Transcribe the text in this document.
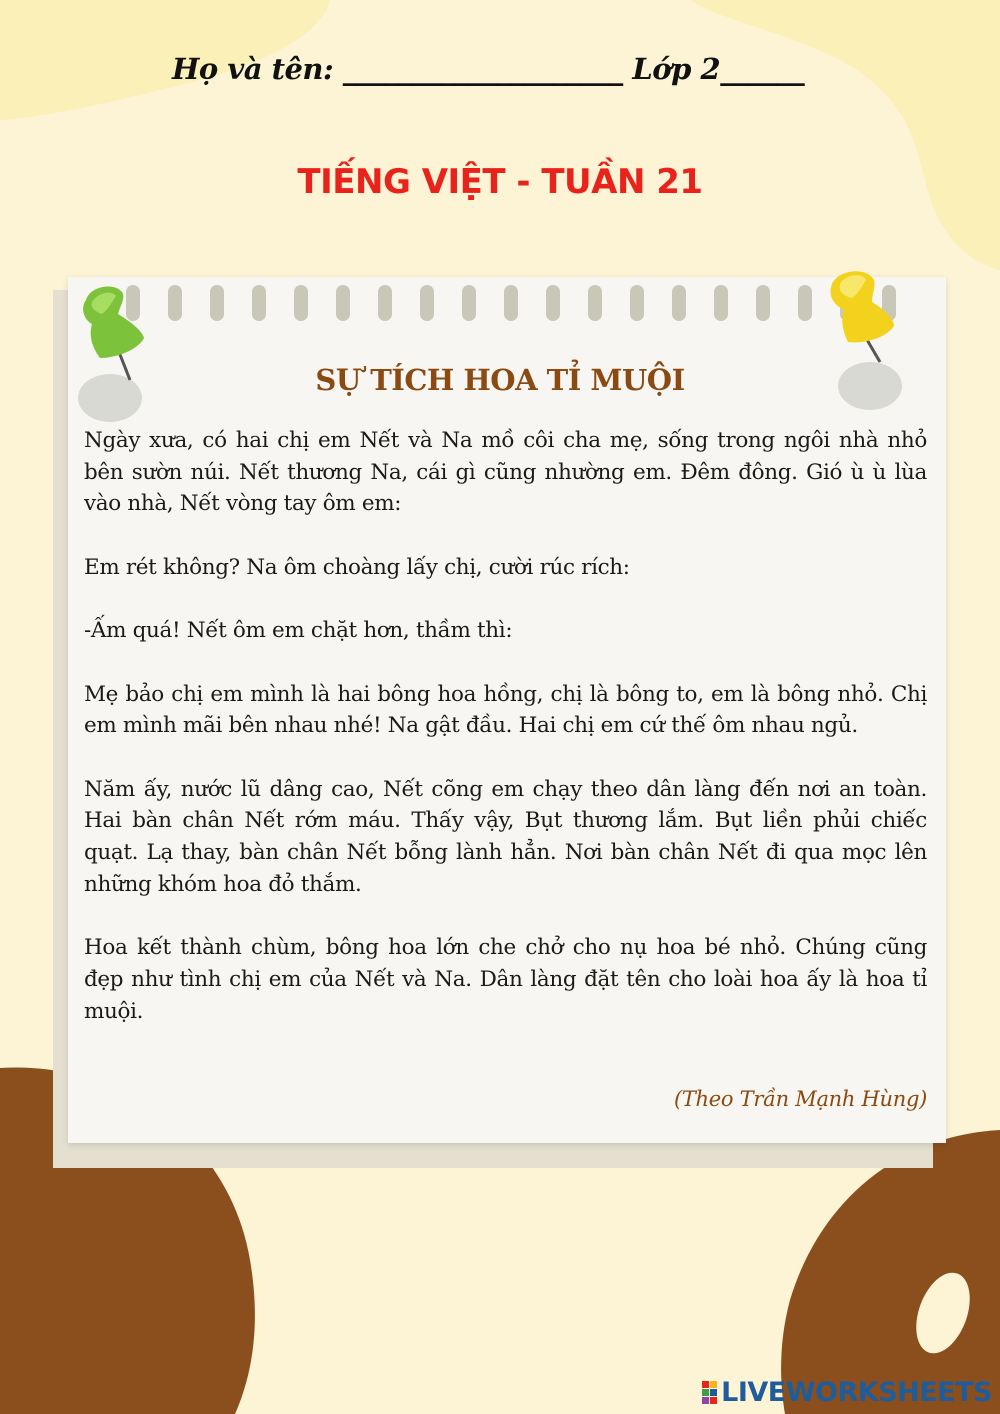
Họ và tên: ____________________ Lớp 2______
TIẾNG VIỆT - TUẦN 21
SỰ TÍCH HOA TỈ MUỘI

Ngày xưa, có hai chị em Nết và Na mồ côi cha mẹ, sống trong ngôi nhà nhỏ bên sườn núi. Nết thương Na, cái gì cũng nhường em. Đêm đông. Gió ù ù lùa vào nhà, Nết vòng tay ôm em:

Em rét không? Na ôm choàng lấy chị, cười rúc rích:

-Ấm quá! Nết ôm em chặt hơn, thầm thì:

Mẹ bảo chị em mình là hai bông hoa hồng, chị là bông to, em là bông nhỏ. Chị em mình mãi bên nhau nhé! Na gật đầu. Hai chị em cứ thế ôm nhau ngủ.

Năm ấy, nước lũ dâng cao, Nết cõng em chạy theo dân làng đến nơi an toàn. Hai bàn chân Nết rớm máu. Thấy vậy, Bụt thương lắm. Bụt liền phủi chiếc quạt. Lạ thay, bàn chân Nết bỗng lành hẳn. Nơi bàn chân Nết đi qua mọc lên những khóm hoa đỏ thắm.

Hoa kết thành chùm, bông hoa lớn che chở cho nụ hoa bé nhỏ. Chúng cũng đẹp như tình chị em của Nết và Na. Dân làng đặt tên cho loài hoa ấy là hoa tỉ muội.

(Theo Trần Mạnh Hùng)
LIVEWORKSHEETS
